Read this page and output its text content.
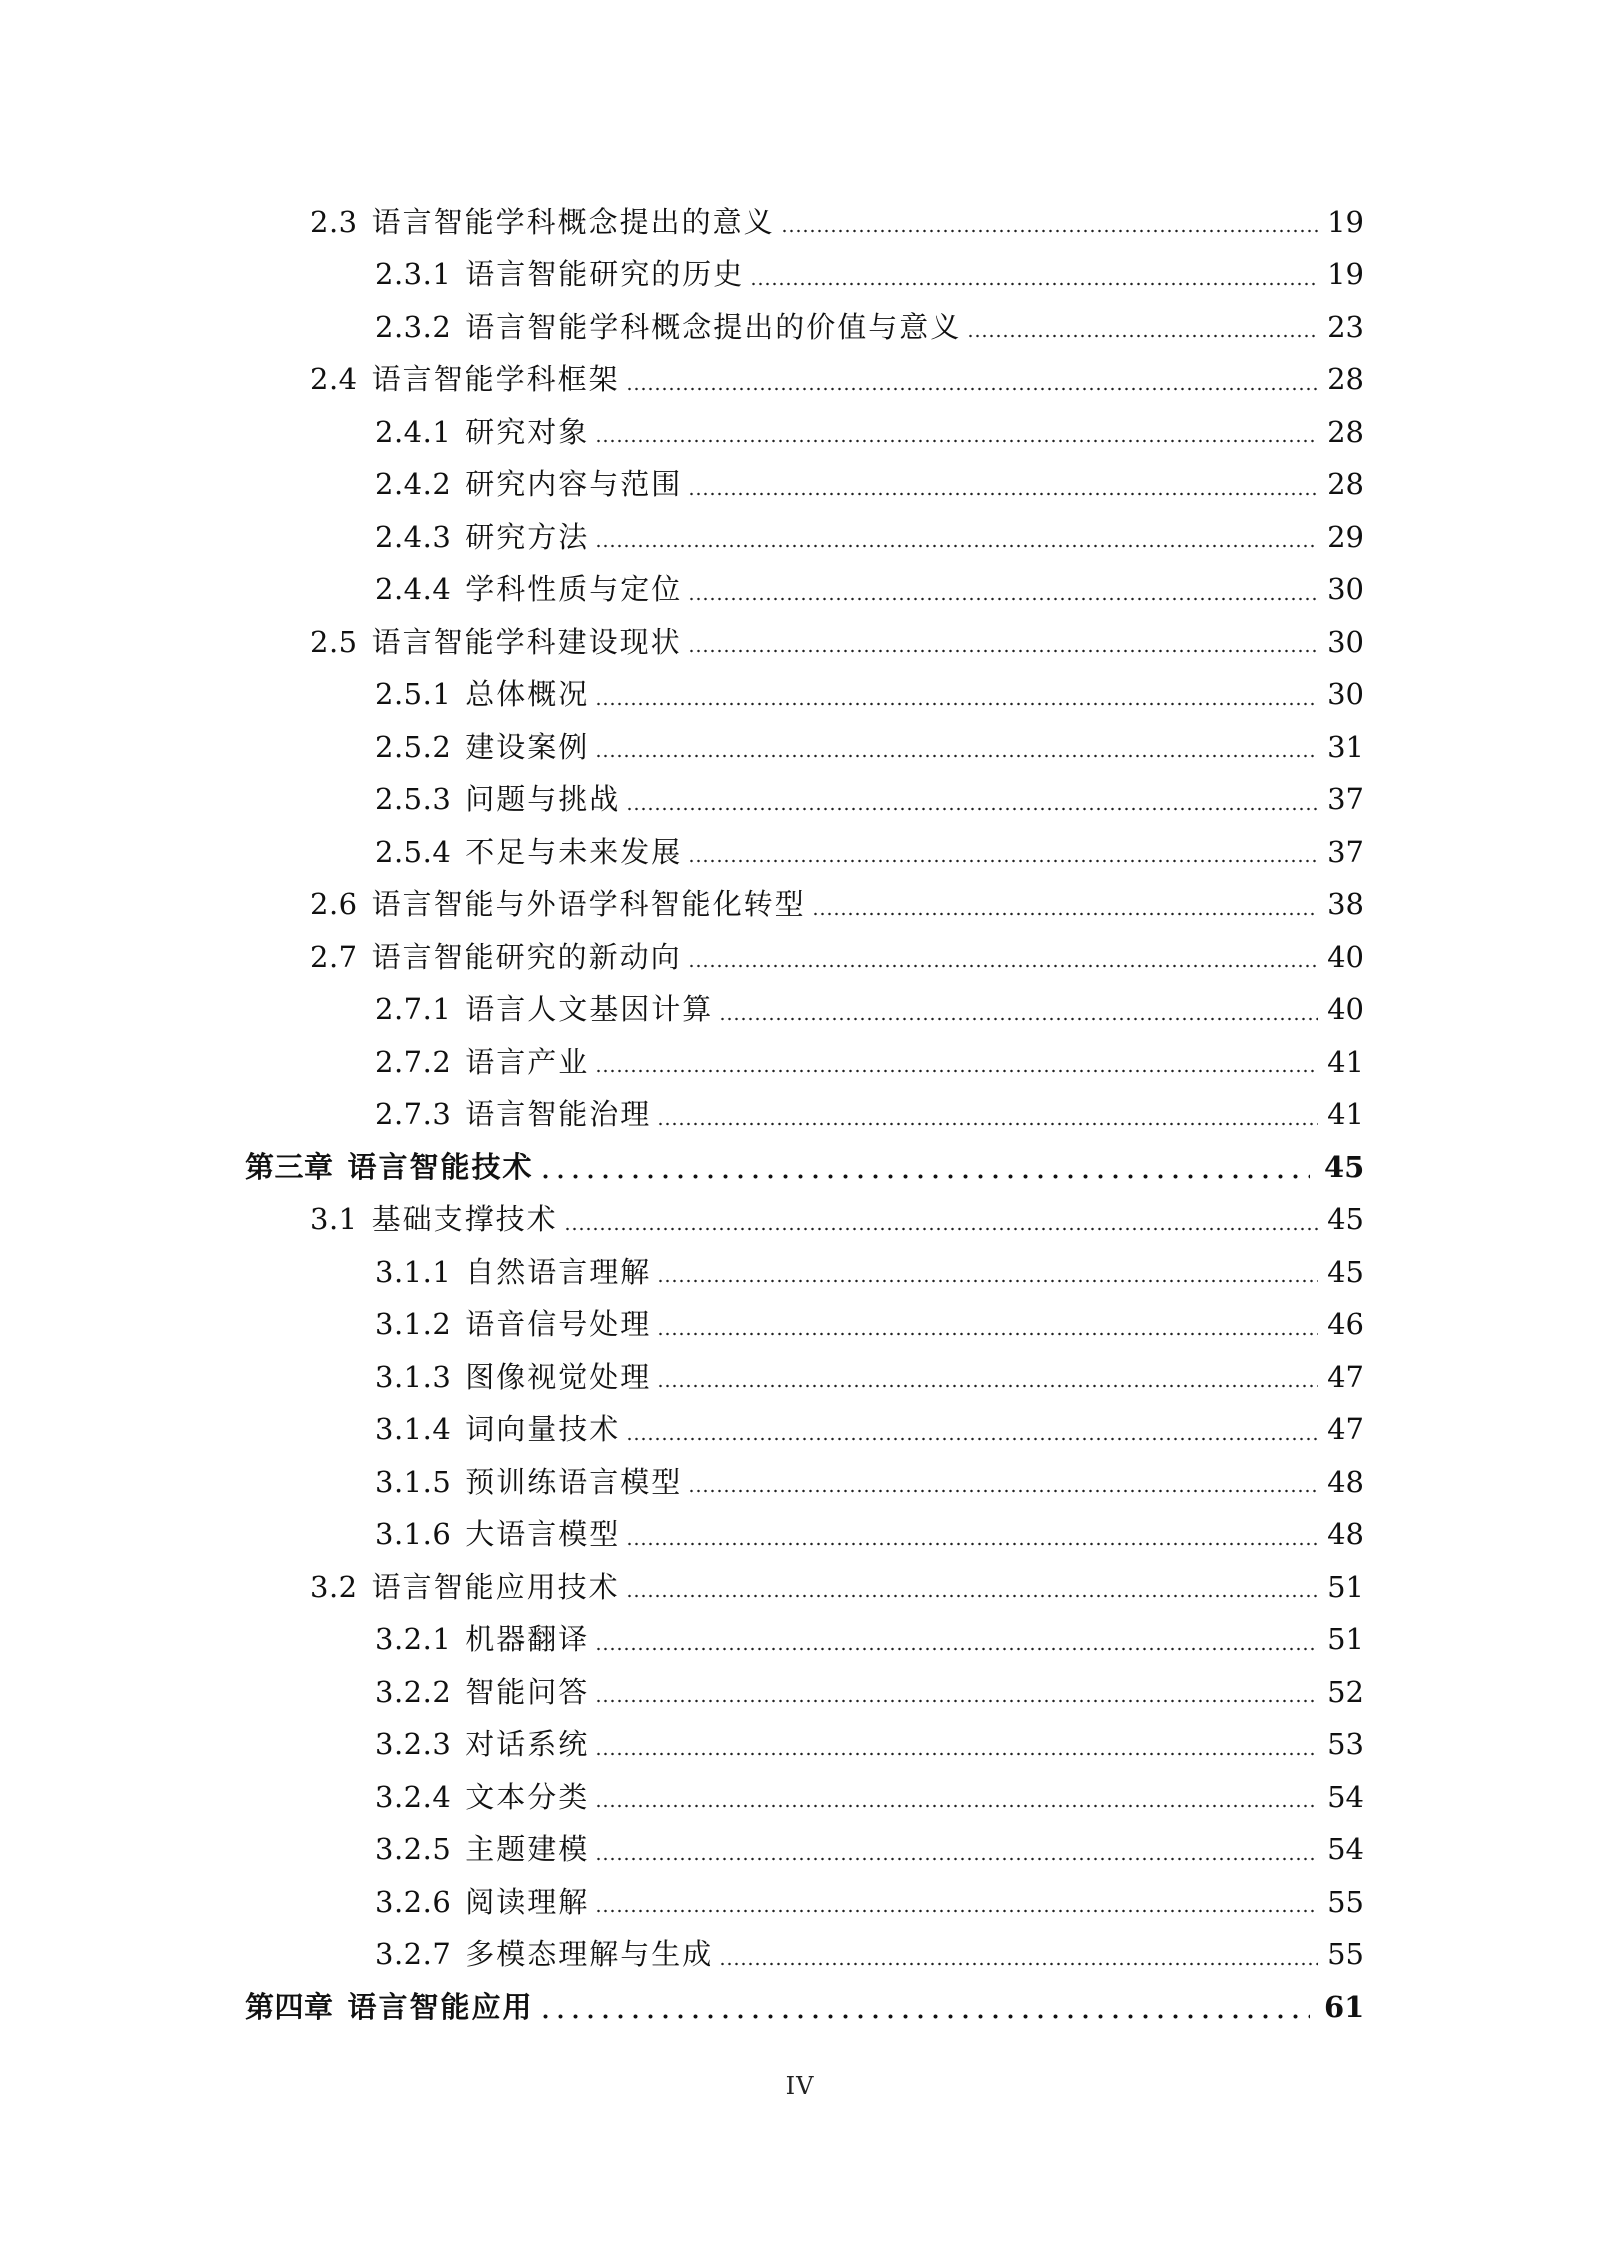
2.3 语言智能学科概念提出的意义	19
2.3.1 语言智能研究的历史	19
2.3.2 语言智能学科概念提出的价值与意义	23
2.4 语言智能学科框架	28
2.4.1 研究对象	28
2.4.2 研究内容与范围	28
2.4.3 研究方法	29
2.4.4 学科性质与定位	30
2.5 语言智能学科建设现状	30
2.5.1 总体概况	30
2.5.2 建设案例	31
2.5.3 问题与挑战	37
2.5.4 不足与未来发展	37
2.6 语言智能与外语学科智能化转型	38
2.7 语言智能研究的新动向	40
2.7.1 语言人文基因计算	40
2.7.2 语言产业	41
2.7.3 语言智能治理	41
第三章 语言智能技术	45
3.1 基础支撑技术	45
3.1.1 自然语言理解	45
3.1.2 语音信号处理	46
3.1.3 图像视觉处理	47
3.1.4 词向量技术	47
3.1.5 预训练语言模型	48
3.1.6 大语言模型	48
3.2 语言智能应用技术	51
3.2.1 机器翻译	51
3.2.2 智能问答	52
3.2.3 对话系统	53
3.2.4 文本分类	54
3.2.5 主题建模	54
3.2.6 阅读理解	55
3.2.7 多模态理解与生成	55
第四章 语言智能应用	61
IV
